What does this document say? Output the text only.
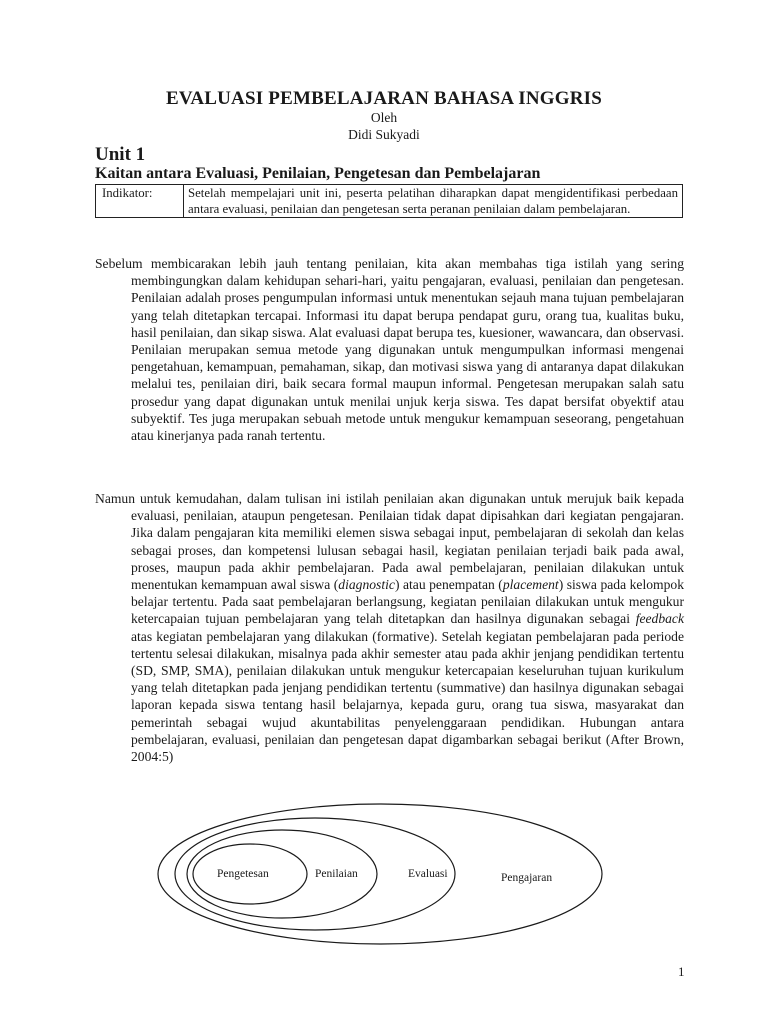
EVALUASI PEMBELAJARAN BAHASA INGGRIS
Oleh
Didi Sukyadi
Unit 1
Kaitan antara Evaluasi, Penilaian, Pengetesan dan Pembelajaran
Indikator:	Setelah mempelajari unit ini, peserta pelatihan diharapkan dapat mengidentifikasi perbedaan antara evaluasi, penilaian dan pengetesan serta peranan penilaian dalam pembelajaran.

Sebelum membicarakan lebih jauh tentang penilaian, kita akan membahas tiga istilah yang sering membingungkan dalam kehidupan sehari-hari, yaitu pengajaran, evaluasi, penilaian dan pengetesan. Penilaian adalah proses pengumpulan informasi untuk menentukan sejauh mana tujuan pembelajaran yang telah ditetapkan tercapai. Informasi itu dapat berupa pendapat guru, orang tua, kualitas buku, hasil penilaian, dan sikap siswa. Alat evaluasi dapat berupa tes, kuesioner, wawancara, dan observasi. Penilaian merupakan semua metode yang digunakan untuk mengumpulkan informasi mengenai pengetahuan, kemampuan, pemahaman, sikap, dan motivasi siswa yang di antaranya dapat dilakukan melalui tes, penilaian diri, baik secara formal maupun informal. Pengetesan merupakan salah satu prosedur yang dapat digunakan untuk menilai unjuk kerja siswa. Tes dapat bersifat obyektif atau subyektif. Tes juga merupakan sebuah metode untuk mengukur kemampuan seseorang, pengetahuan atau kinerjanya pada ranah tertentu.

Namun untuk kemudahan, dalam tulisan ini istilah penilaian akan digunakan untuk merujuk baik kepada evaluasi, penilaian, ataupun pengetesan. Penilaian tidak dapat dipisahkan dari kegiatan pengajaran. Jika dalam pengajaran kita memiliki elemen siswa sebagai input, pembelajaran di sekolah dan kelas sebagai proses, dan kompetensi lulusan sebagai hasil, kegiatan penilaian terjadi baik pada awal, proses, maupun pada akhir pembelajaran. Pada awal pembelajaran, penilaian dilakukan untuk menentukan kemampuan awal siswa (diagnostic) atau penempatan (placement) siswa pada kelompok belajar tertentu. Pada saat pembelajaran berlangsung, kegiatan penilaian dilakukan untuk mengukur ketercapaian tujuan pembelajaran yang telah ditetapkan dan hasilnya digunakan sebagai feedback atas kegiatan pembelajaran yang dilakukan (formative). Setelah kegiatan pembelajaran pada periode tertentu selesai dilakukan, misalnya pada akhir semester atau pada akhir jenjang pendidikan tertentu (SD, SMP, SMA), penilaian dilakukan untuk mengukur ketercapaian keseluruhan tujuan kurikulum yang telah ditetapkan pada jenjang pendidikan tertentu (summative) dan hasilnya digunakan sebagai laporan kepada siswa tentang hasil belajarnya, kepada guru, orang tua siswa, masyarakat dan pemerintah sebagai wujud akuntabilitas penyelenggaraan pendidikan. Hubungan antara pembelajaran, evaluasi, penilaian dan pengetesan dapat digambarkan sebagai berikut (After Brown, 2004:5)

Pengetesan	Penilaian	Evaluasi	Pengajaran
1
